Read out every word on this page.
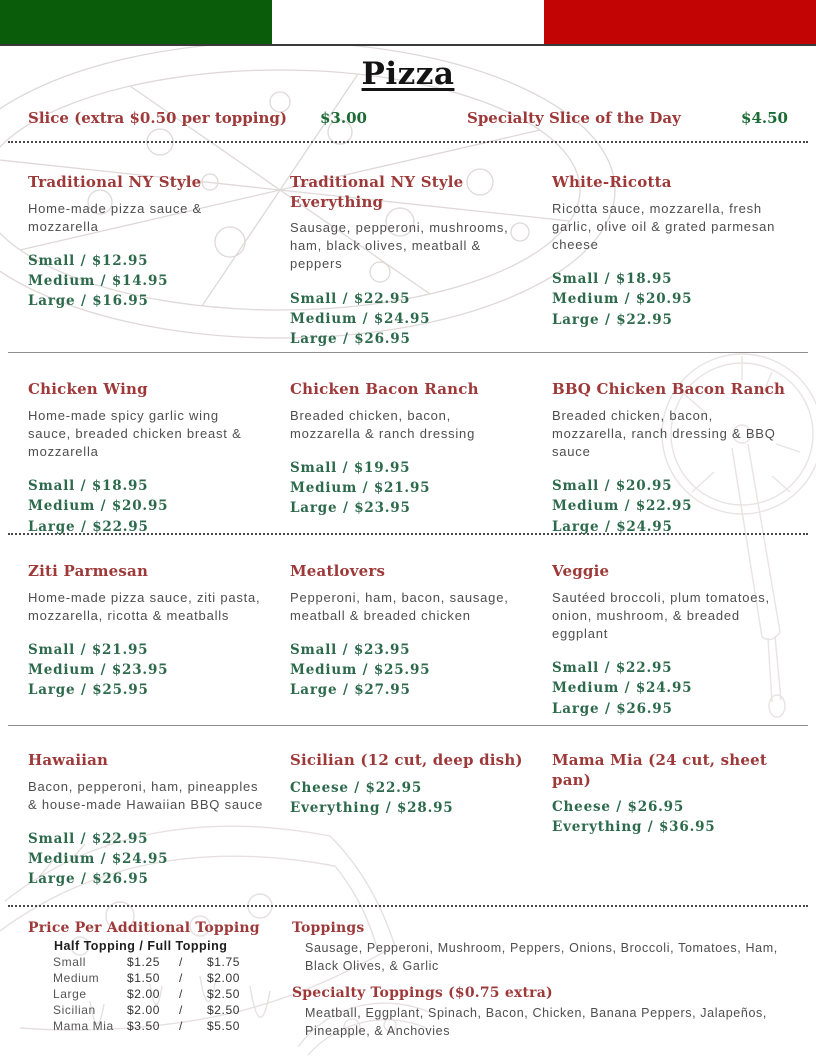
Pizza
Slice (extra $0.50 per topping)	$3.00	Specialty Slice of the Day	$4.50
Traditional NY Style

Home-made pizza sauce & mozzarella

Small / $12.95
Medium / $14.95
Large / $16.95
Traditional NY Style Everything

Sausage, pepperoni, mushrooms, ham, black olives, meatball & peppers

Small / $22.95
Medium / $24.95
Large / $26.95
White-Ricotta

Ricotta sauce, mozzarella, fresh garlic, olive oil & grated parmesan cheese

Small / $18.95
Medium / $20.95
Large / $22.95
Chicken Wing

Home-made spicy garlic wing sauce, breaded chicken breast & mozzarella

Small / $18.95
Medium / $20.95
Large / $22.95
Chicken Bacon Ranch

Breaded chicken, bacon, mozzarella & ranch dressing

Small / $19.95
Medium / $21.95
Large / $23.95
BBQ Chicken Bacon Ranch

Breaded chicken, bacon, mozzarella, ranch dressing & BBQ sauce

Small / $20.95
Medium / $22.95
Large / $24.95
Ziti Parmesan

Home-made pizza sauce, ziti pasta, mozzarella, ricotta & meatballs

Small / $21.95
Medium / $23.95
Large / $25.95
Meatlovers

Pepperoni, ham, bacon, sausage, meatball & breaded chicken

Small / $23.95
Medium / $25.95
Large / $27.95
Veggie

Sautéed broccoli, plum tomatoes, onion, mushroom, & breaded eggplant

Small / $22.95
Medium / $24.95
Large / $26.95
Hawaiian

Bacon, pepperoni, ham, pineapples & house-made Hawaiian BBQ sauce

Small / $22.95
Medium / $24.95
Large / $26.95
Sicilian (12 cut, deep dish)
Cheese / $22.95
Everything / $28.95
Mama Mia (24 cut, sheet pan)
Cheese / $26.95
Everything / $36.95
Price Per Additional Topping
Half Topping / Full Topping
Small	$1.25	/	$1.75
Medium	$1.50	/	$2.00
Large	$2.00	/	$2.50
Sicilian	$2.00	/	$2.50
Mama Mia	$3.50	/	$5.50
Toppings

Sausage, Pepperoni, Mushroom, Peppers, Onions, Broccoli, Tomatoes, Ham, Black Olives, & Garlic

Specialty Toppings ($0.75 extra)

Meatball, Eggplant, Spinach, Bacon, Chicken, Banana Peppers, Jalapeños, Pineapple, & Anchovies
